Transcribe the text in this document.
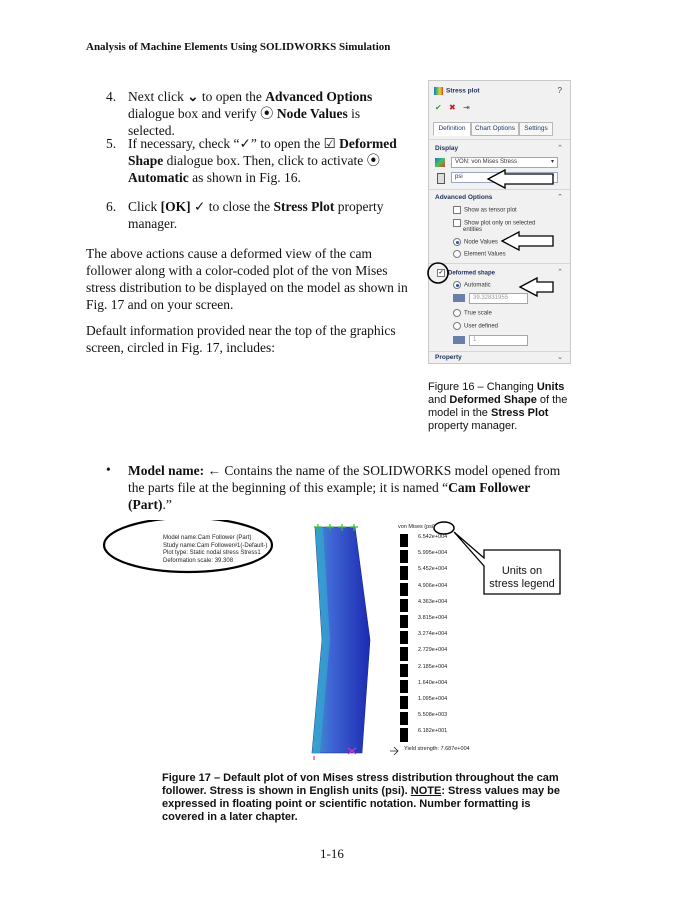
Analysis of Machine Elements Using SOLIDWORKS Simulation
4. Next click ⌄ to open the Advanced Options dialogue box and verify ⦿ Node Values is selected.
5. If necessary, check “✓” to open the ☑ Deformed Shape dialogue box. Then, click to activate ⦿ Automatic as shown in Fig. 16.
6. Click [OK] ✓ to close the Stress Plot property manager.
The above actions cause a deformed view of the cam follower along with a color-coded plot of the von Mises stress distribution to be displayed on the model as shown in Fig. 17 and on your screen.
Default information provided near the top of the graphics screen, circled in Fig. 17, includes:
Stress plot	?
✔ ✖ ⇥
Definition	Chart Options	Settings
Display	⌃
VON: von Mises Stress	▾
psi
Advanced Options	⌃
Show as tensor plot
Show plot only on selected
entities
Node Values
Element Values
✓ Deformed shape	⌃
Automatic
39.32831955
True scale
User defined
1
Property	⌄
Figure 16 – Changing Units and Deformed Shape of the model in the Stress Plot property manager.
• Model name: ← Contains the name of the SOLIDWORKS model opened from the parts file at the beginning of this example; it is named “Cam Follower (Part).”
Model name:Cam Follower (Part)
Study name:Cam Follower#1(-Default-)
Plot type: Static nodal stress Stress1
Deformation scale: 39.308
von Mises (psi)
6.542e+004
5.995e+004
5.452e+004
4.906e+004
4.363e+004
3.815e+004
3.274e+004
2.729e+004
2.185e+004
1.640e+004
1.095e+004
5.508e+003
6.182e+001
Yield strength: 7.687e+004
Units on
stress legend
Figure 17 – Default plot of von Mises stress distribution throughout the cam follower. Stress is shown in English units (psi). NOTE: Stress values may be expressed in floating point or scientific notation. Number formatting is covered in a later chapter.
1-16
